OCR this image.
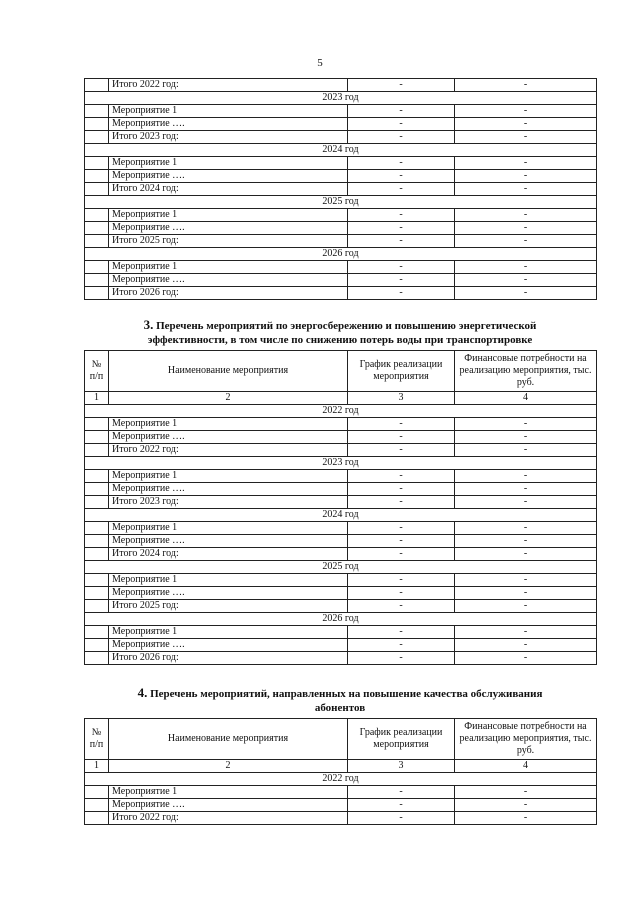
5
	Итого 2022 год:	-	-
2023 год			
	Мероприятие 1	-	-
	Мероприятие ….	-	-
	Итого 2023 год:	-	-
2024 год			
	Мероприятие 1	-	-
	Мероприятие ….	-	-
	Итого 2024 год:	-	-
2025 год			
	Мероприятие 1	-	-
	Мероприятие ….	-	-
	Итого 2025 год:	-	-
2026 год			
	Мероприятие 1	-	-
	Мероприятие ….	-	-
	Итого 2026 год:	-	-
3. Перечень мероприятий по энергосбережению и повышению энергетической
эффективности, в том числе по снижению потерь воды при транспортировке
№ п/п	Наименование мероприятия	График реализации мероприятия	Финансовые потребности на реализацию мероприятия, тыс. руб.
1	2	3	4
2022 год			
	Мероприятие 1	-	-
	Мероприятие ….	-	-
	Итого 2022 год:	-	-
2023 год			
	Мероприятие 1	-	-
	Мероприятие ….	-	-
	Итого 2023 год:	-	-
2024 год			
	Мероприятие 1	-	-
	Мероприятие ….	-	-
	Итого 2024 год:	-	-
2025 год			
	Мероприятие 1	-	-
	Мероприятие ….	-	-
	Итого 2025 год:	-	-
2026 год			
	Мероприятие 1	-	-
	Мероприятие ….	-	-
	Итого 2026 год:	-	-
4. Перечень мероприятий, направленных на повышение качества обслуживания
абонентов
№ п/п	Наименование мероприятия	График реализации мероприятия	Финансовые потребности на реализацию мероприятия, тыс. руб.
1	2	3	4
2022 год			
	Мероприятие 1	-	-
	Мероприятие ….	-	-
	Итого 2022 год:	-	-
